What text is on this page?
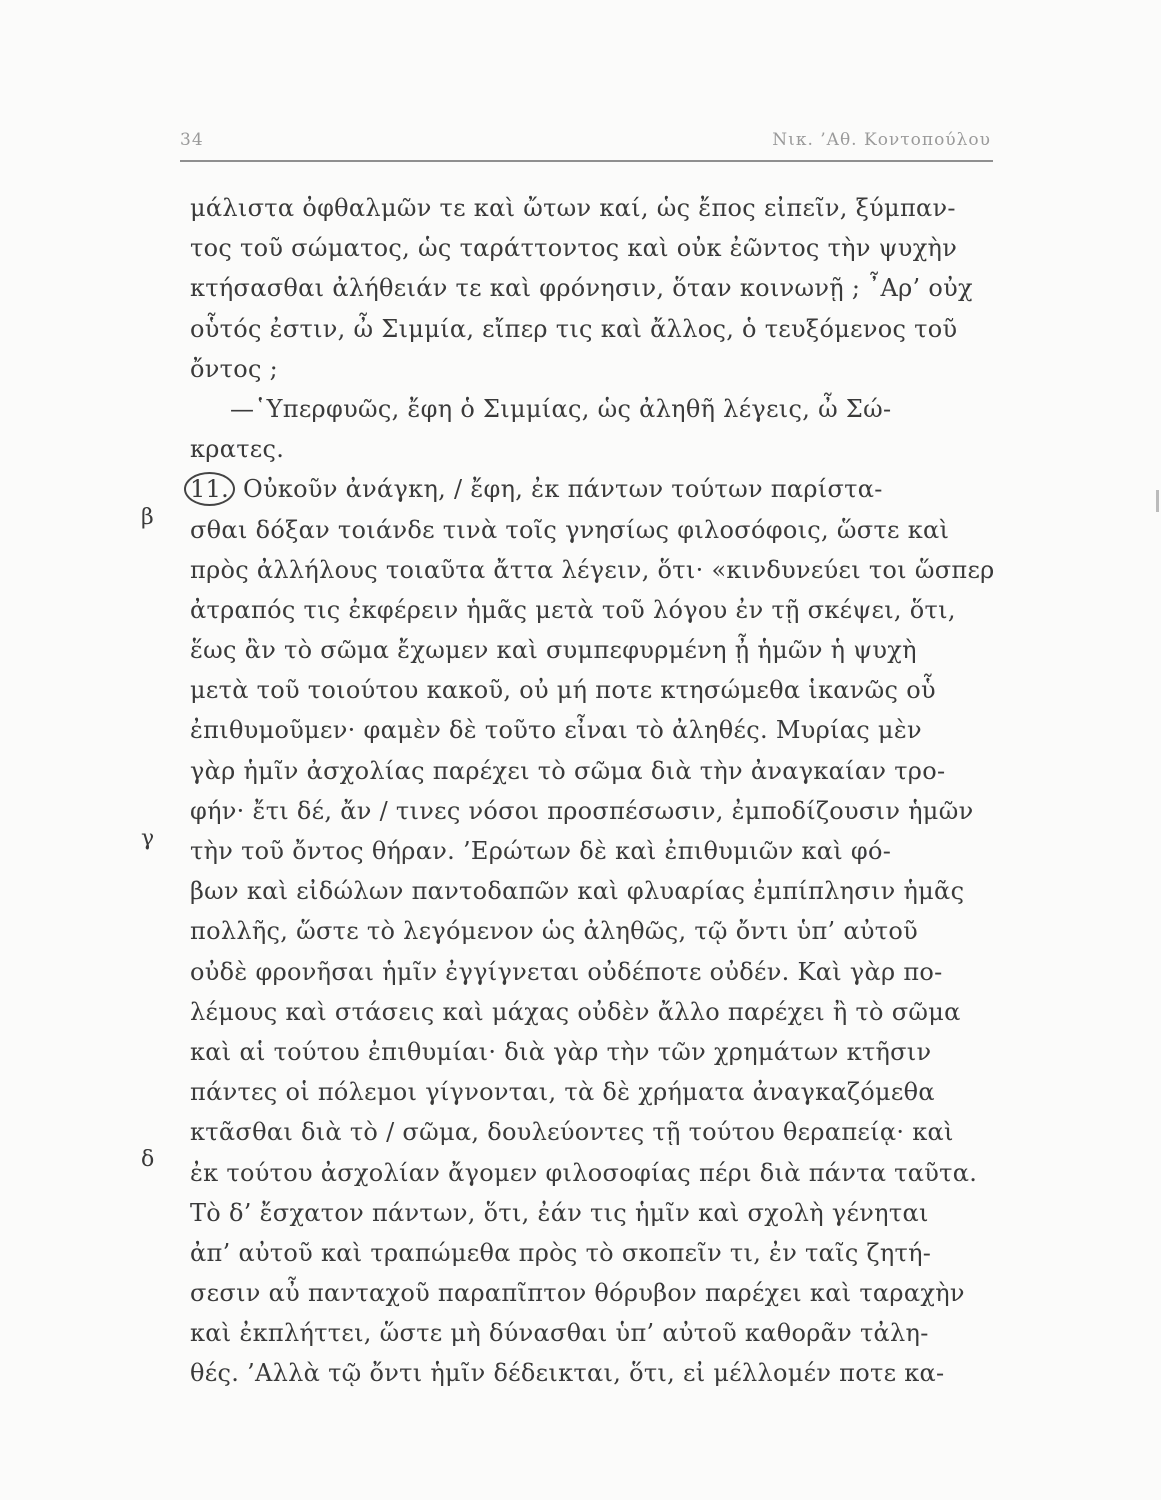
34	Νικ. ’Αθ. Κοντοπούλου
β
γ
δ
μάλιστα ὀφθαλμῶν τε καὶ ὤτων καί, ὡς ἔπος εἰπεῖν, ξύμπαν-
τος τοῦ σώματος, ὡς ταράττοντος καὶ οὐκ ἐῶντος τὴν ψυχὴν
κτήσασθαι ἀλήθειάν τε καὶ φρόνησιν, ὅταν κοινωνῇ ; ῏Αρ’ οὐχ
οὗτός ἐστιν, ὦ Σιμμία, εἴπερ τις καὶ ἄλλος, ὁ τευξόμενος τοῦ
ὄντος ;
—῾Υπερφυῶς, ἔφη ὁ Σιμμίας, ὡς ἀληθῆ λέγεις, ὦ Σώ-
κρατες.
11. Οὐκοῦν ἀνάγκη, / ἔφη, ἐκ πάντων τούτων παρίστα-
σθαι δόξαν τοιάνδε τινὰ τοῖς γνησίως φιλοσόφοις, ὥστε καὶ
πρὸς ἀλλήλους τοιαῦτα ἄττα λέγειν, ὅτι· «κινδυνεύει τοι ὥσπερ
ἀτραπός τις ἐκφέρειν ἡμᾶς μετὰ τοῦ λόγου ἐν τῇ σκέψει, ὅτι,
ἕως ἂν τὸ σῶμα ἔχωμεν καὶ συμπεφυρμένη ᾖ ἡμῶν ἡ ψυχὴ
μετὰ τοῦ τοιούτου κακοῦ, οὐ μή ποτε κτησώμεθα ἱκανῶς οὗ
ἐπιθυμοῦμεν· φαμὲν δὲ τοῦτο εἶναι τὸ ἀληθές. Μυρίας μὲν
γὰρ ἡμῖν ἀσχολίας παρέχει τὸ σῶμα διὰ τὴν ἀναγκαίαν τρο-
φήν· ἔτι δέ, ἄν / τινες νόσοι προσπέσωσιν, ἐμποδίζουσιν ἡμῶν
τὴν τοῦ ὄντος θήραν. ’Ερώτων δὲ καὶ ἐπιθυμιῶν καὶ φό-
βων καὶ εἰδώλων παντοδαπῶν καὶ φλυαρίας ἐμπίπλησιν ἡμᾶς
πολλῆς, ὥστε τὸ λεγόμενον ὡς ἀληθῶς, τῷ ὄντι ὑπ’ αὐτοῦ
οὐδὲ φρονῆσαι ἡμῖν ἐγγίγνεται οὐδέποτε οὐδέν. Καὶ γὰρ πο-
λέμους καὶ στάσεις καὶ μάχας οὐδὲν ἄλλο παρέχει ἢ τὸ σῶμα
καὶ αἱ τούτου ἐπιθυμίαι· διὰ γὰρ τὴν τῶν χρημάτων κτῆσιν
πάντες οἱ πόλεμοι γίγνονται, τὰ δὲ χρήματα ἀναγκαζόμεθα
κτᾶσθαι διὰ τὸ / σῶμα, δουλεύοντες τῇ τούτου θεραπείᾳ· καὶ
ἐκ τούτου ἀσχολίαν ἄγομεν φιλοσοφίας πέρι διὰ πάντα ταῦτα.
Τὸ δ’ ἔσχατον πάντων, ὅτι, ἐάν τις ἡμῖν καὶ σχολὴ γένηται
ἀπ’ αὐτοῦ καὶ τραπώμεθα πρὸς τὸ σκοπεῖν τι, ἐν ταῖς ζητή-
σεσιν αὖ πανταχοῦ παραπῖπτον θόρυβον παρέχει καὶ ταραχὴν
καὶ ἐκπλήττει, ὥστε μὴ δύνασθαι ὑπ’ αὐτοῦ καθορᾶν τἀλη-
θές. ’Αλλὰ τῷ ὄντι ἡμῖν δέδεικται, ὅτι, εἰ μέλλομέν ποτε κα-
